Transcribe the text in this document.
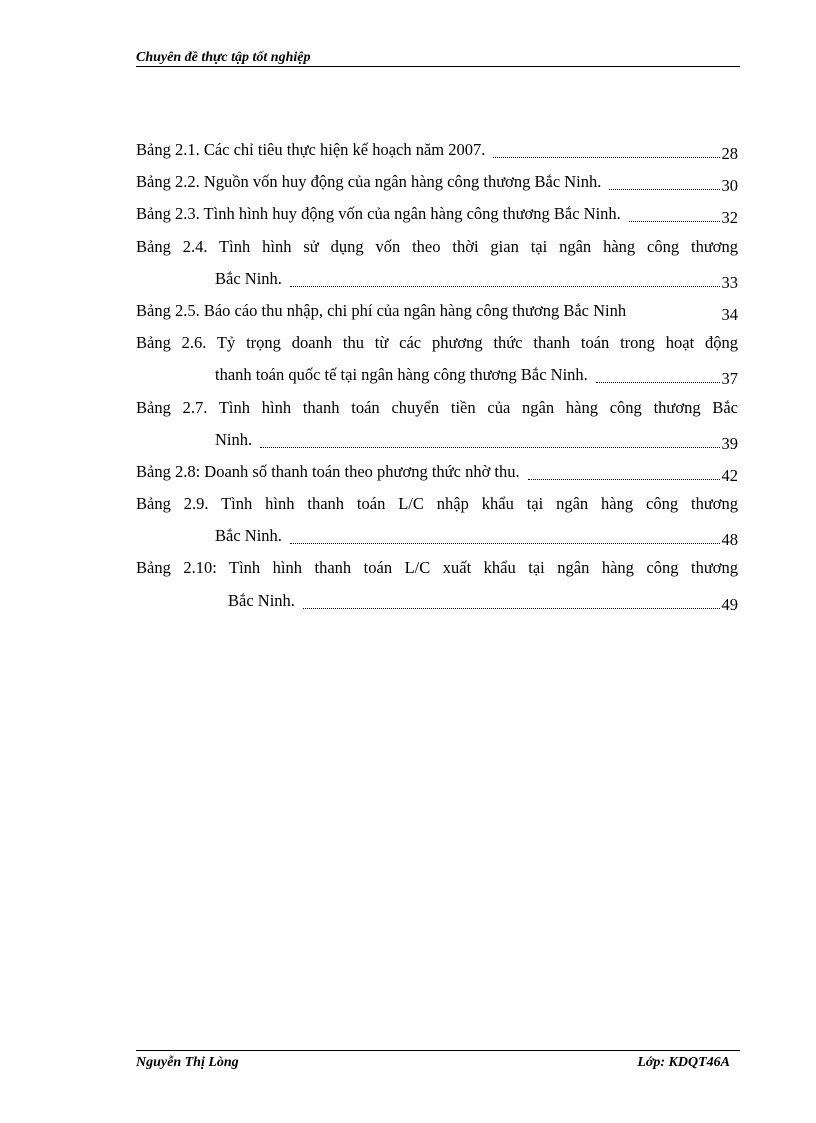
Chuyên đề thực tập tốt nghiệp
Bảng 2.1. Các chỉ tiêu thực hiện kế hoạch năm 2007.	28
Bảng 2.2. Nguồn vốn huy động của ngân hàng công thương Bắc Ninh.	30
Bảng 2.3. Tình hình huy động vốn của ngân hàng công thương Bắc Ninh.	32
Bảng 2.4. Tình hình sử dụng vốn theo thời gian tại ngân hàng công thương
Bắc Ninh.	33
Bảng 2.5. Báo cáo thu nhập, chi phí của ngân hàng công thương Bắc Ninh	34
Bảng 2.6. Tỷ trọng doanh thu từ các phương thức thanh toán trong hoạt động
thanh toán quốc tế tại ngân hàng công thương Bắc Ninh.	37
Bảng 2.7. Tình hình thanh toán chuyển tiền của ngân hàng công thương Bắc
Ninh.	39
Bảng 2.8: Doanh số thanh toán theo phương thức nhờ thu.	42
Bảng 2.9. Tình hình thanh toán L/C nhập khẩu tại ngân hàng công thương
Bắc Ninh.	48
Bảng 2.10: Tình hình thanh toán L/C xuất khẩu tại ngân hàng công thương
Bắc Ninh.	49
Nguyễn Thị Lòng	Lớp: KDQT46A
